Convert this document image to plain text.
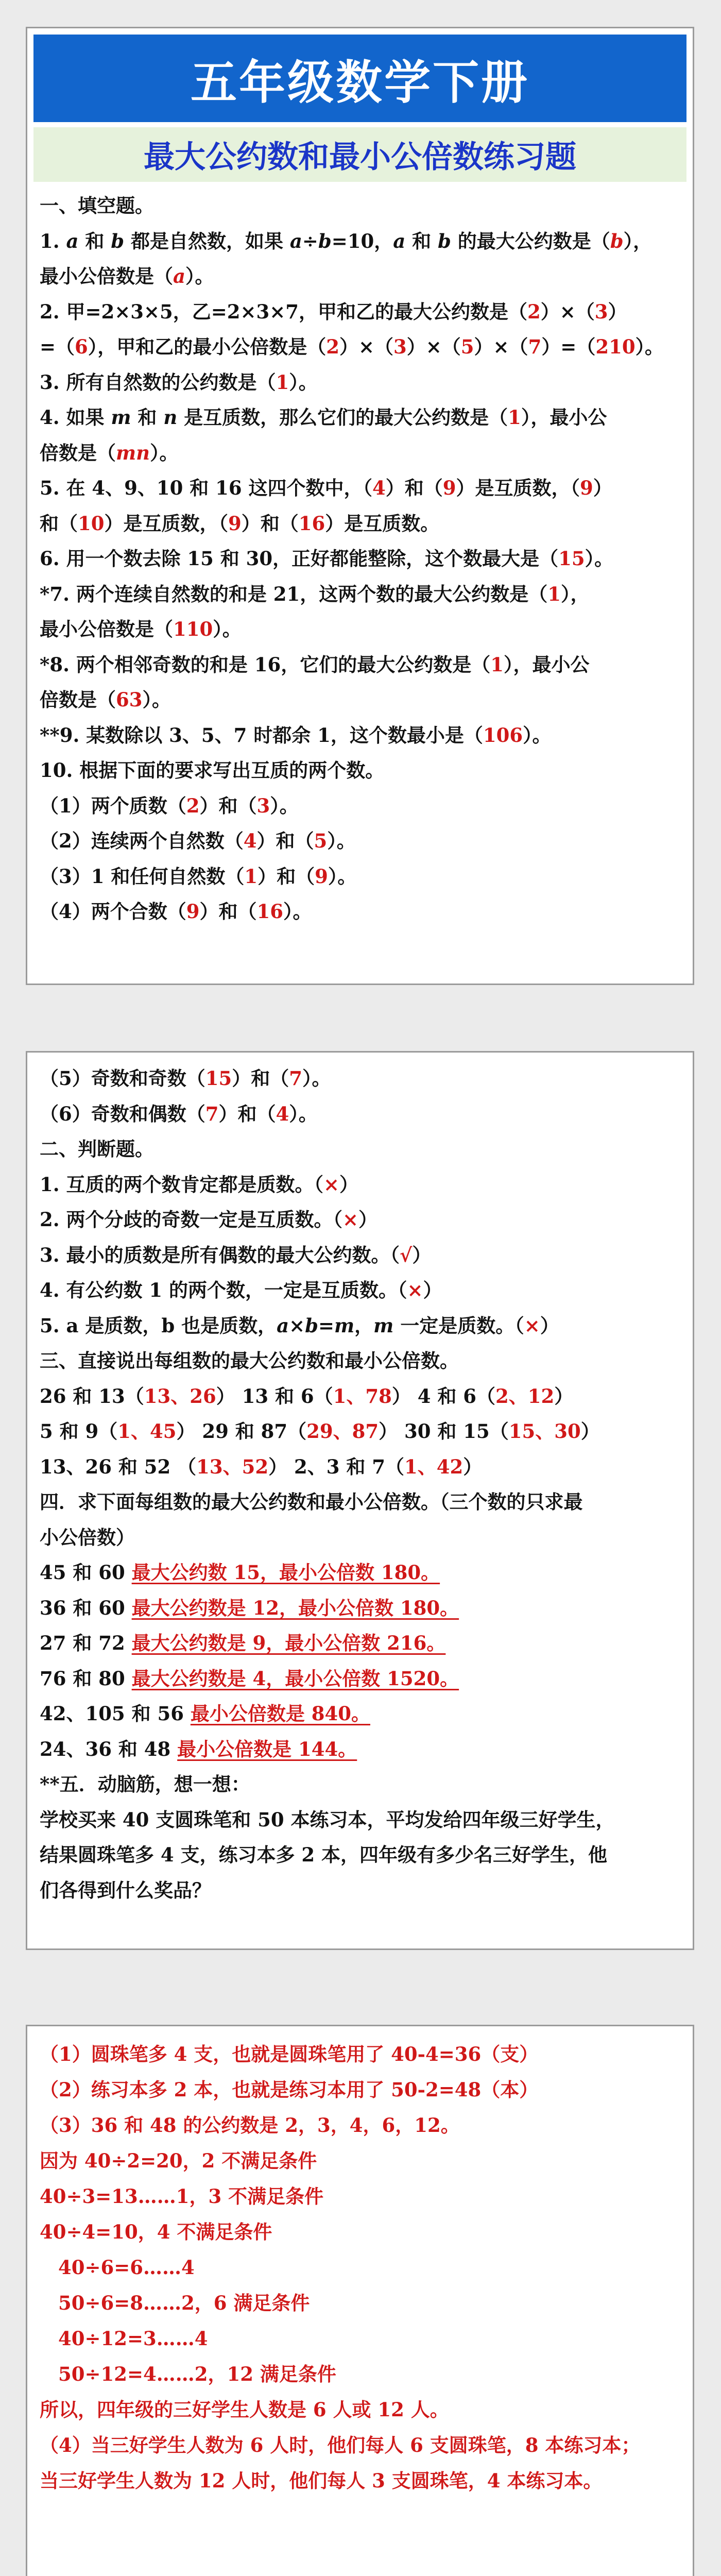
五年级数学下册
最大公约数和最小公倍数练习题
一、填空题。
1. a 和 b 都是自然数，如果 a÷b=10，a 和 b 的最大公约数是（b），
最小公倍数是（a）。
2. 甲=2×3×5，乙=2×3×7，甲和乙的最大公约数是（2）×（3）
=（6），甲和乙的最小公倍数是（2）×（3）×（5）×（7）=（210）。
3. 所有自然数的公约数是（1）。
4. 如果 m 和 n 是互质数，那么它们的最大公约数是（1），最小公
倍数是（mn）。
5. 在 4、9、10 和 16 这四个数中，（4）和（9）是互质数，（9）
和（10）是互质数，（9）和（16）是互质数。
6. 用一个数去除 15 和 30，正好都能整除，这个数最大是（15）。
*7. 两个连续自然数的和是 21，这两个数的最大公约数是（1），
最小公倍数是（110）。
*8. 两个相邻奇数的和是 16，它们的最大公约数是（1），最小公
倍数是（63）。
**9. 某数除以 3、5、7 时都余 1，这个数最小是（106）。
10. 根据下面的要求写出互质的两个数。
（1）两个质数（2）和（3）。
（2）连续两个自然数（4）和（5）。
（3）1 和任何自然数（1）和（9）。
（4）两个合数（9）和（16）。
（5）奇数和奇数（15）和（7）。
（6）奇数和偶数（7）和（4）。
二、判断题。
1. 互质的两个数肯定都是质数。（×）
2. 两个分歧的奇数一定是互质数。（×）
3. 最小的质数是所有偶数的最大公约数。（√）
4. 有公约数 1 的两个数，一定是互质数。（×）
5. a 是质数，b 也是质数，a×b=m，m 一定是质数。（×）
三、直接说出每组数的最大公约数和最小公倍数。
26 和 13（13、26） 13 和 6（1、78） 4 和 6（2、12）
5 和 9（1、45） 29 和 87（29、87） 30 和 15（15、30）
13、26 和 52 （13、52） 2、3 和 7（1、42）
四．求下面每组数的最大公约数和最小公倍数。（三个数的只求最
小公倍数）
45 和 60 最大公约数 15，最小公倍数 180。
36 和 60 最大公约数是 12，最小公倍数 180。
27 和 72 最大公约数是 9，最小公倍数 216。
76 和 80 最大公约数是 4，最小公倍数 1520。
42、105 和 56 最小公倍数是 840。
24、36 和 48 最小公倍数是 144。
**五．动脑筋，想一想：
学校买来 40 支圆珠笔和 50 本练习本，平均发给四年级三好学生，
结果圆珠笔多 4 支，练习本多 2 本，四年级有多少名三好学生，他
们各得到什么奖品？
（1）圆珠笔多 4 支，也就是圆珠笔用了 40-4=36（支）
（2）练习本多 2 本，也就是练习本用了 50-2=48（本）
（3）36 和 48 的公约数是 2，3，4，6，12。
因为 40÷2=20，2 不满足条件
40÷3=13……1，3 不满足条件
40÷4=10，4 不满足条件
40÷6=6……4
50÷6=8……2，6 满足条件
40÷12=3……4
50÷12=4……2，12 满足条件
所以，四年级的三好学生人数是 6 人或 12 人。
（4）当三好学生人数为 6 人时，他们每人 6 支圆珠笔，8 本练习本；
当三好学生人数为 12 人时，他们每人 3 支圆珠笔，4 本练习本。
